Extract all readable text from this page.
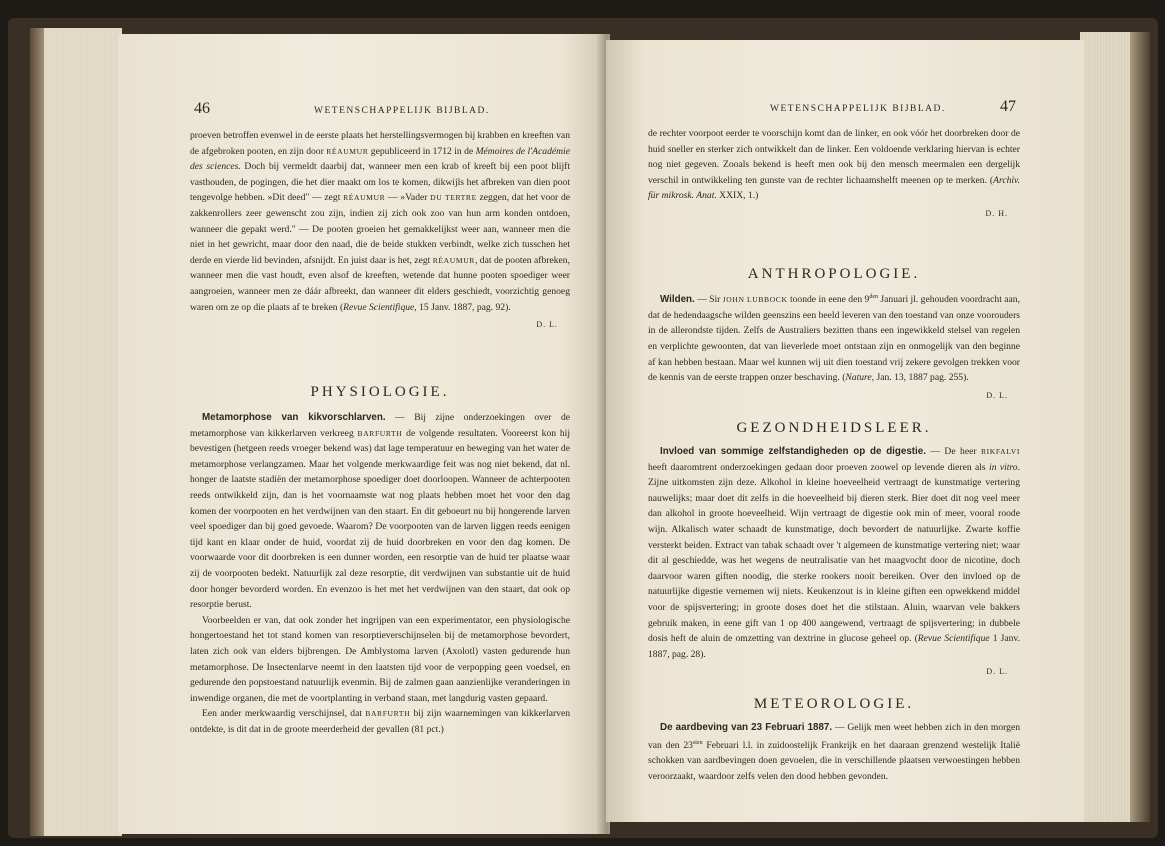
46	WETENSCHAPPELIJK BIJBLAD.

proeven betroffen evenwel in de eerste plaats het herstellingsvermogen bij krabben en kreeften van de afgebroken pooten, en zijn door RÉAUMUR gepubliceerd in 1712 in de Mémoires de l'Académie des sciences. Doch bij vermeldt daarbij dat, wanneer men een krab of kreeft bij een poot blijft vasthouden, de pogingen, die het dier maakt om los te komen, dikwijls het afbreken van dien poot tengevolge hebben. »Dit deed" — zegt RÉAUMUR — »Vader DU TERTRE zeggen, dat het voor de zakkenrollers zeer gewenscht zou zijn, indien zij zich ook zoo van hun arm konden ontdoen, wanneer die gepakt werd." — De pooten groeien het gemakkelijkst weer aan, wanneer men die niet in het gewricht, maar door den naad, die de beide stukken verbindt, welke zich tusschen het derde en vierde lid bevinden, afsnijdt. En juist daar is het, zegt RÉAUMUR, dat de pooten afbreken, wanneer men die vast houdt, even alsof de kreeften, wetende dat hunne pooten spoediger weer aangroeien, wanneer men ze dáár afbreekt, dan wanneer dit elders geschiedt, voorzichtig genoeg waren om ze op die plaats af te breken (Revue Scientifique, 15 Janv. 1887, pag. 92).

D. L.
PHYSIOLOGIE.

Metamorphose van kikvorschlarven. — Bij zijne onderzoekingen over de metamorphose van kikkerlarven verkreeg BARFURTH de volgende resultaten. Vooreerst kon hij bevestigen (hetgeen reeds vroeger bekend was) dat lage temperatuur en beweging van het water de metamorphose verlangzamen. Maar het volgende merkwaardige feit was nog niet bekend, dat nl. honger de laatste stadiën der metamorphose spoediger doet doorloopen. Wanneer de achterpooten reeds ontwikkeld zijn, dan is het voornaamste wat nog plaats hebben moet het voor den dag komen der voorpooten en het verdwijnen van den staart. En dit geboeurt nu bij hongerende larven veel spoediger dan bij goed gevoede. Waarom? De voorpooten van de larven liggen reeds eenigen tijd kant en klaar onder de huid, voordat zij de huid doorbreken en voor den dag komen. De voorwaarde voor dit doorbreken is een dunner worden, een resorptie van de huid ter plaatse waar zij de voorpooten bedekt. Natuurlijk zal deze resorptie, dit verdwijnen van substantie uit de huid door honger bevorderd worden. En evenzoo is het met het verdwijnen van den staart, dat ook op resorptie berust.

Voorbeelden er van, dat ook zonder het ingrijpen van een experimentator, een physiologische hongertoestand het tot stand komen van resorptieverschijnselen bij de metamorphose bevordert, laten zich ook van elders bijbrengen. De Amblystoma larven (Axolotl) vasten gedurende hun metamorphose. De Insectenlarve neemt in den laatsten tijd voor de verpopping geen voedsel, en gedurende den popstoestand natuurlijk evenmin. Bij de zalmen gaan aanzienlijke veranderingen in inwendige organen, die met de voortplanting in verband staan, met langdurig vasten gepaard.

Een ander merkwaardig verschijnsel, dat BARFURTH bij zijn waarnemingen van kikkerlarven ontdekte, is dit dat in de groote meerderheid der gevallen (81 pct.)

WETENSCHAPPELIJK BIJBLAD.	47

de rechter voorpoot eerder te voorschijn komt dan de linker, en ook vóór het doorbreken door de huid sneller en sterker zich ontwikkelt dan de linker. Een voldoende verklaring hiervan is echter nog niet gegeven. Zooals bekend is heeft men ook bij den mensch meermalen een dergelijk verschil in ontwikkeling ten gunste van de rechter lichaamshelft meenen op te merken. (Archiv. für mikrosk. Anat. XXIX, 1.)

D. H.
ANTHROPOLOGIE.

Wilden. — Sir JOHN LUBBOCK toonde in eene den $9^{den}$ Januari jl. gehouden voordracht aan, dat de hedendaagsche wilden geenszins een beeld leveren van den toestand van onze voorouders in de allerondste tijden. Zelfs de Australiers bezitten thans een ingewikkeld stelsel van regelen en verplichte gewoonten, dat van lieverlede moet ontstaan zijn en onmogelijk van den beginne af kan hebben bestaan. Maar wel kunnen wij uit dien toestand vrij zekere gevolgen trekken voor de kennis van de eerste trappen onzer beschaving. (Nature, Jan. 13, 1887 pag. 255).

D. L.
GEZONDHEIDSLEER.

Invloed van sommige zelfstandigheden op de digestie. — De heer RIKFALVI heeft daaromtrent onderzoekingen gedaan door proeven zoowel op levende dieren als in vitro. Zijne uitkomsten zijn deze. Alkohol in kleine hoeveelheid vertraagt de kunstmatige vertering nauwelijks; maar doet dit zelfs in die hoeveelheid bij dieren sterk. Bier doet dit nog veel meer dan alkohol in groote hoeveelheid. Wijn vertraagt de digestie ook min of meer, vooral roode wijn. Alkalisch water schaadt de kunstmatige, doch bevordert de natuurlijke. Zwarte koffie versterkt beiden. Extract van tabak schaadt over 't algemeen de kunstmatige vertering niet; waar dit al geschiedde, was het wegens de neutralisatie van het maagvocht door de nicotine, doch daarvoor waren giften noodig, die sterke rookers nooit bereiken. Over den invloed op de natuurlijke digestie vernemen wij niets. Keukenzout is in kleine giften een opwekkend middel voor de spijsvertering; in groote doses doet het die stilstaan. Aluin, waarvan vele bakkers gebruik maken, in eene gift van 1 op 400 aangewend, vertraagt de spijsvertering; in dubbele dosis heft de aluin de omzetting van dextrine in glucose geheel op. (Revue Scientifique 1 Janv. 1887, pag. 28).

D. L.
METEOROLOGIE.

De aardbeving van 23 Februari 1887. — Gelijk men weet hebben zich in den morgen van den $23^{sten}$ Februari l.l. in zuidoostelijk Frankrijk en het daaraan grenzend westelijk Italië schokken van aardbevingen doen gevoelen, die in verschillende plaatsen verwoestingen hebben veroorzaakt, waardoor zelfs velen den dood hebben gevonden.
